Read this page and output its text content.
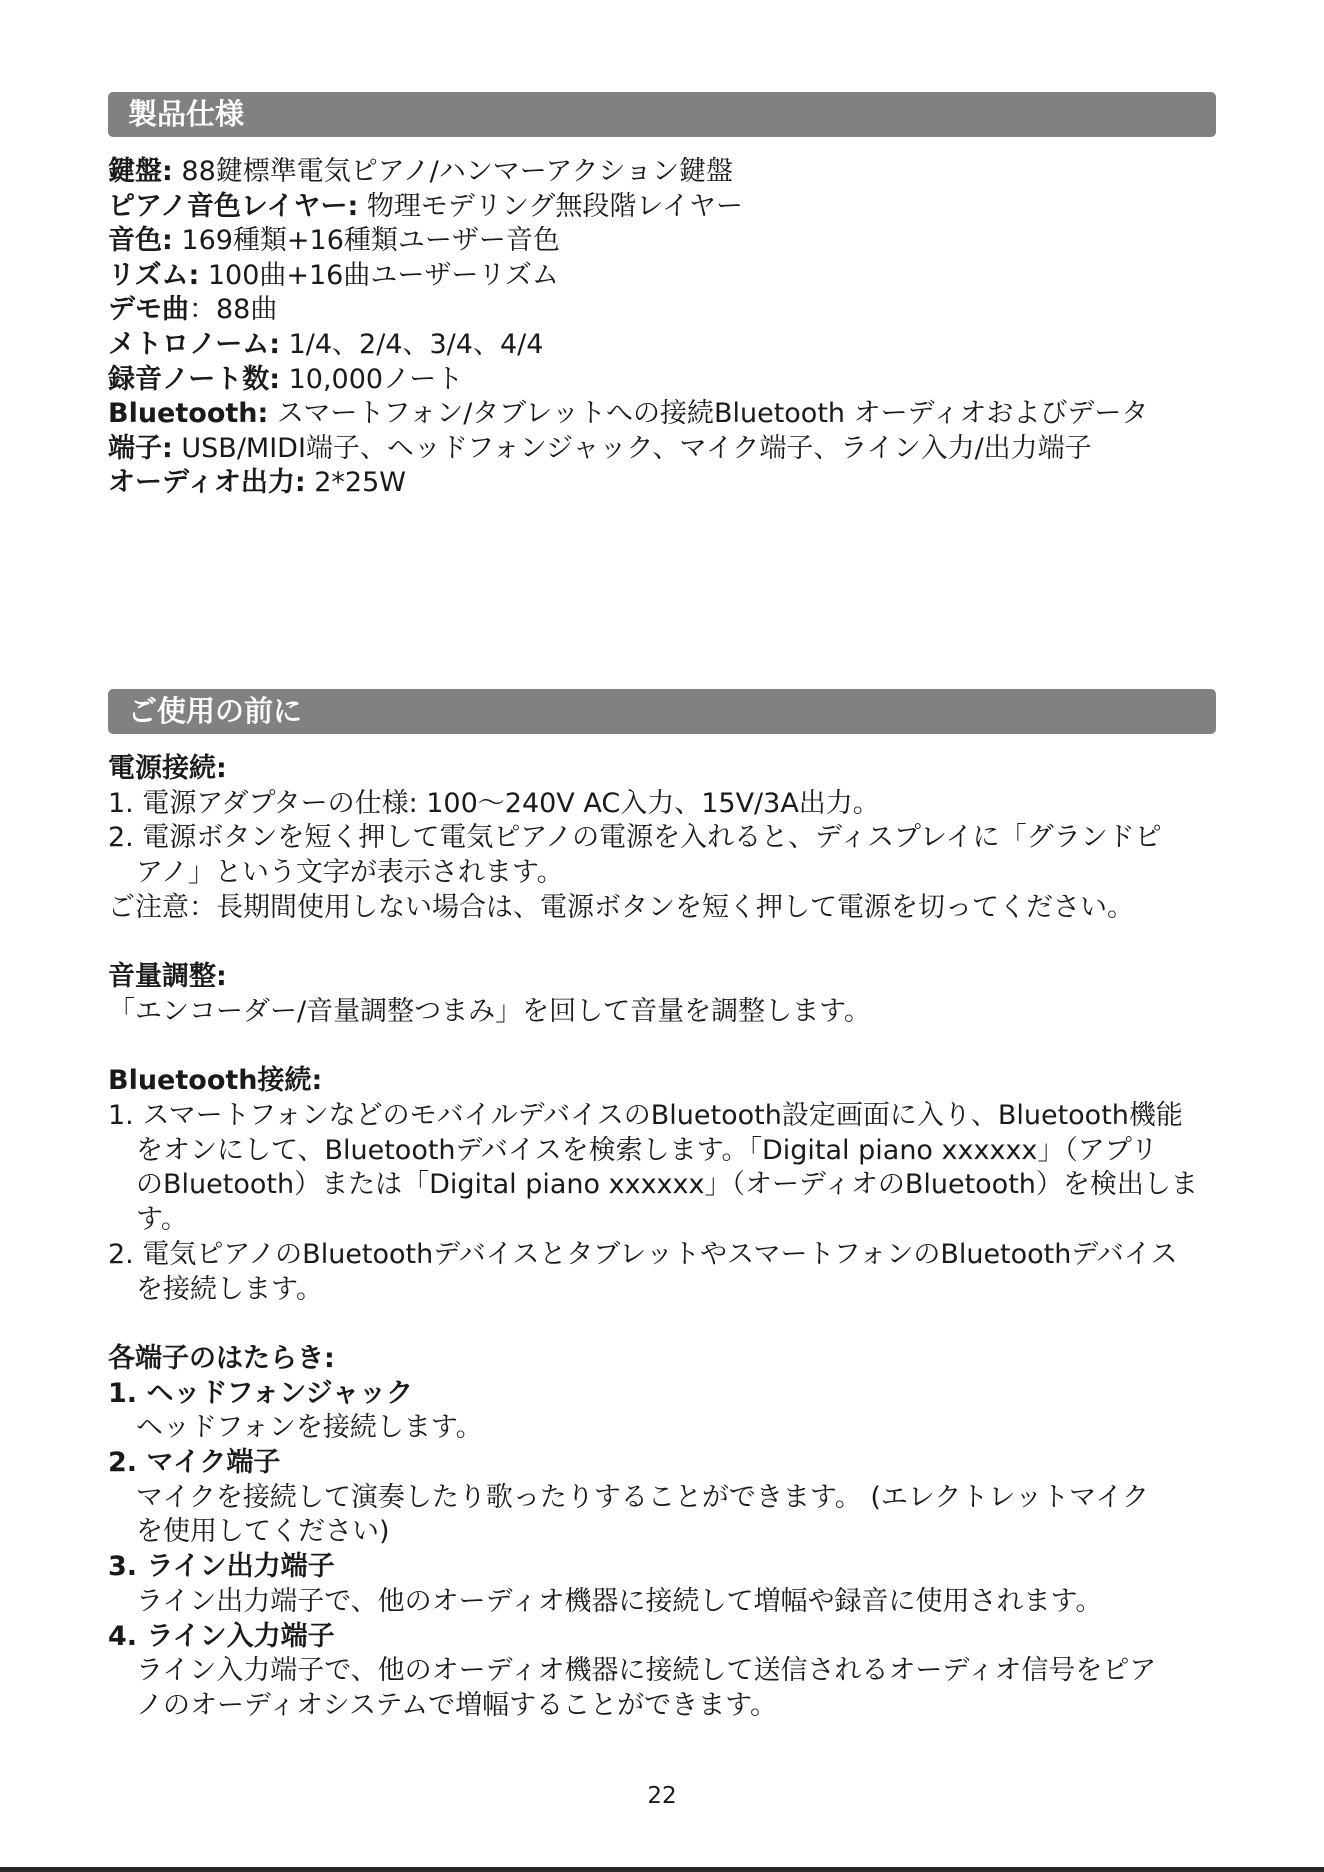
製品仕様
鍵盤: 88鍵標準電気ピアノ/ハンマーアクション鍵盤
ピアノ音色レイヤー: 物理モデリング無段階レイヤー
音色: 169種類+16種類ユーザー音色
リズム: 100曲+16曲ユーザーリズム
デモ曲：88曲
メトロノーム: 1/4、2/4、3/4、4/4
録音ノート数: 10,000ノート
Bluetooth: スマートフォン/タブレットへの接続Bluetooth オーディオおよびデータ
端子: USB/MIDI端子、ヘッドフォンジャック、マイク端子、ライン入力/出力端子
オーディオ出力: 2*25W
ご使用の前に
電源接続:
1. 電源アダプターの仕様: 100～240V AC入力、15V/3A出力。
2. 電源ボタンを短く押して電気ピアノの電源を入れると、ディスプレイに「グランドピ
アノ」という文字が表示されます。
ご注意：長期間使用しない場合は、電源ボタンを短く押して電源を切ってください。
音量調整:
「エンコーダー/音量調整つまみ」を回して音量を調整します。
Bluetooth接続:
1. スマートフォンなどのモバイルデバイスのBluetooth設定画面に入り、Bluetooth機能
をオンにして、Bluetoothデバイスを検索します。「Digital piano xxxxxx」（アプリ
のBluetooth）または「Digital piano xxxxxx」（オーディオのBluetooth）を検出しま
す。
2. 電気ピアノのBluetoothデバイスとタブレットやスマートフォンのBluetoothデバイス
を接続します。
各端子のはたらき:
1. ヘッドフォンジャック
ヘッドフォンを接続します。
2. マイク端子
マイクを接続して演奏したり歌ったりすることができます。 (エレクトレットマイク
を使用してください)
3. ライン出力端子
ライン出力端子で、他のオーディオ機器に接続して増幅や録音に使用されます。
4. ライン入力端子
ライン入力端子で、他のオーディオ機器に接続して送信されるオーディオ信号をピア
ノのオーディオシステムで増幅することができます。
22
